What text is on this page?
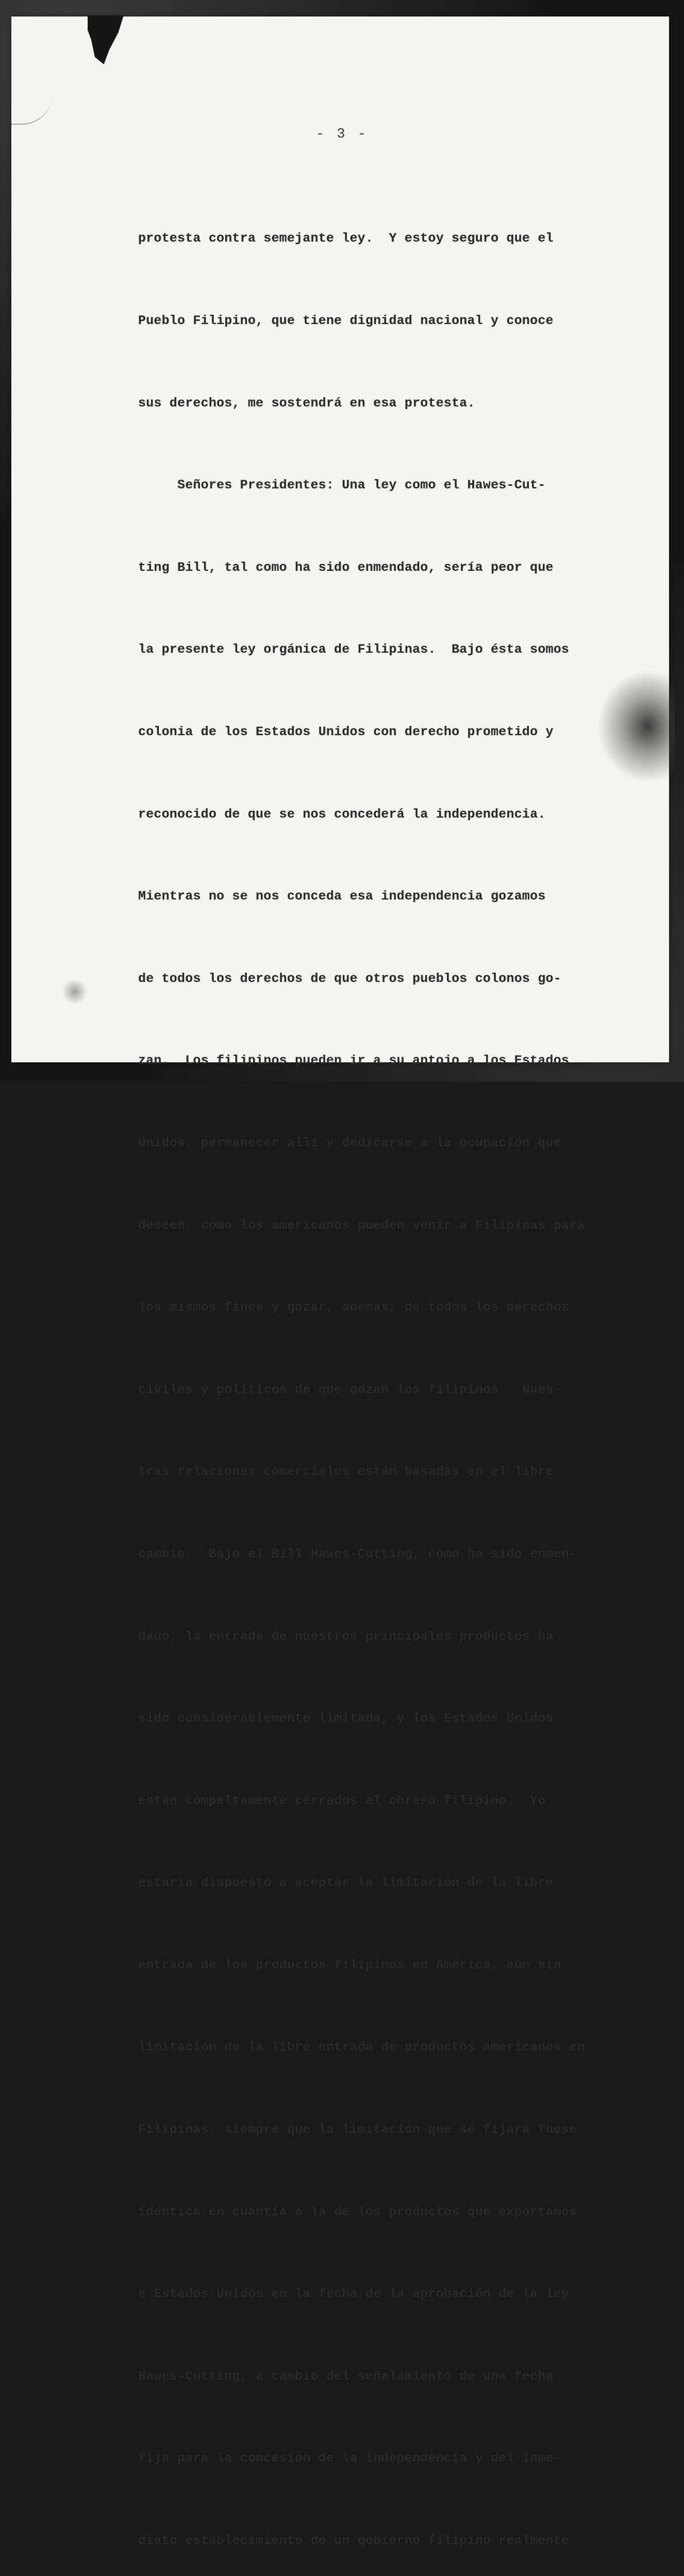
- 3 -

protesta contra semejante ley.  Y estoy seguro que el

Pueblo Filipino, que tiene dignidad nacional y conoce

sus derechos, me sostendrá en esa protesta.

Señores Presidentes: Una ley como el Hawes-Cut-

ting Bill, tal como ha sido enmendado, sería peor que

la presente ley orgánica de Filipinas.  Bajo ésta somos

colonia de los Estados Unidos con derecho prometido y

reconocido de que se nos concederá la independencia.

Mientras no se nos conceda esa independencia gozamos

de todos los derechos de que otros pueblos colonos go-

zan.  Los filipinos pueden ir a su antojo a los Estados

Unidos, permanecer allí y dedicarse a la ocupación que

deseen, como los americanos pueden venir a Filipinas para

los mismos fines y gozar, además, de todos los derechos

civiles y políticos de que gozan los filipinos.  Nues-

tras relaciones comerciales están basadas en el libre

cambio.  Bajo el Bill Hawes-Cutting, como ha sido enmen-

dado, la entrada de nuestros principales productos ha

sido considerablemente limitada, y los Estados Unidos

están compeltamente cerrados al obrero filipino.  Yo

estaría dispuesto a aceptar la limitación de la libre

entrada de los productos filipinos en América, aún sin

limitación de la libre entrada de productos americanos en

Filipinas, siempre que la limitación que se fijará fuese

idéntica en cuantía a la de los productos que exportamos

a Estados Unidos en la fecha de la aprobación de la ley

Hawes-Cutting, a cambio del señalamiento de una fecha

fija para la concesión de la independencia y del inme-

diato establecimiento de un gobierno filipino realmente
